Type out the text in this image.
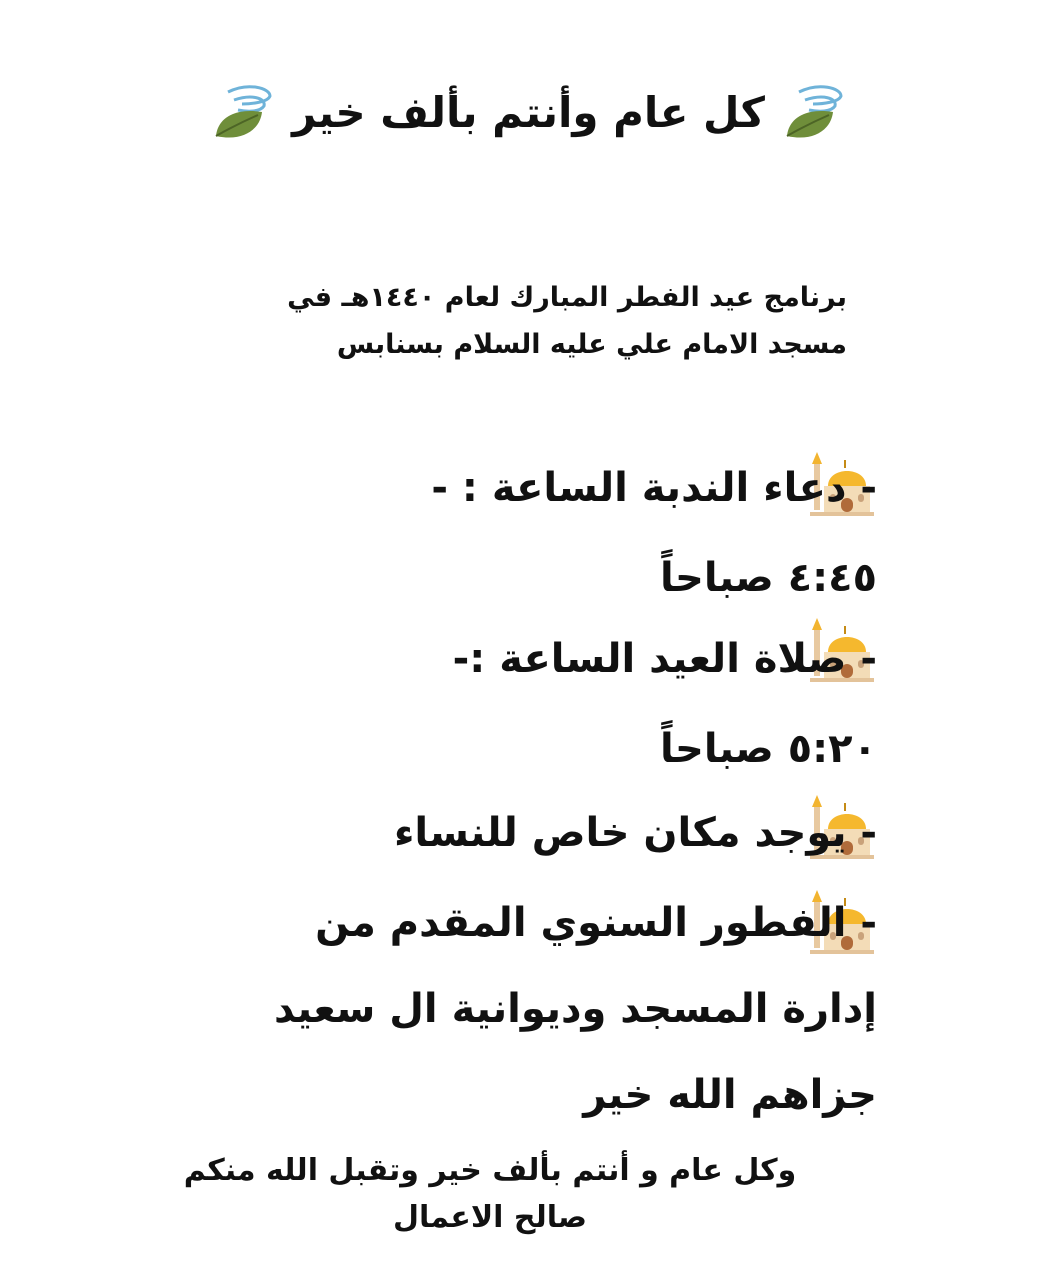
كل عام وأنتم بألف خير
برنامج عيد الفطر المبارك لعام ١٤٤٠هـ في
مسجد الامام علي عليه السلام بسنابس
- دعاء الندبة الساعة : -
٤:٤٥ صباحاً
- صلاة العيد الساعة :-
٥:٢٠ صباحاً
- يوجد مكان خاص للنساء
- الفطور السنوي المقدم من
إدارة المسجد وديوانية ال سعيد
جزاهم الله خير
وكل عام و أنتم بألف خير وتقبل الله منكم
صالح الاعمال
